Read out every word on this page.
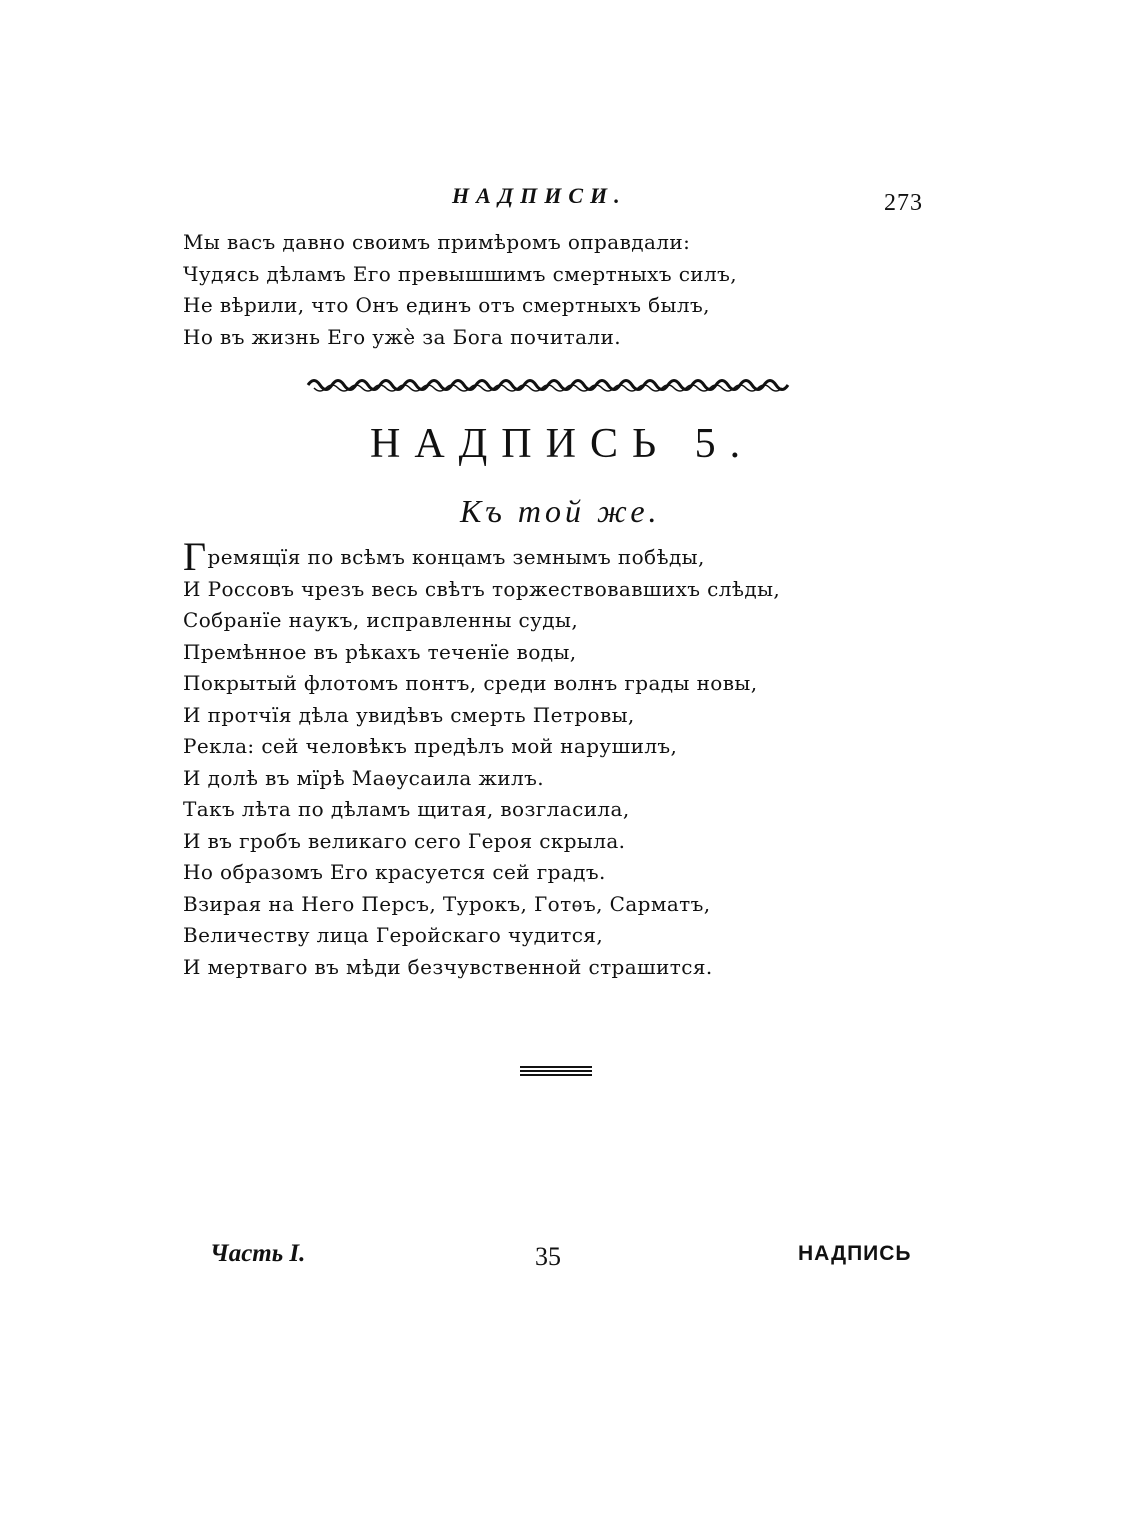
НАДПИСИ.	273
Мы васъ давно своимъ примѣромъ оправдали:
Чудясь дѣламъ Его превышшимъ смертныхъ силъ,
Не вѣрили, что Онъ единъ отъ смертныхъ былъ,
Но въ жизнь Его ужè за Бога почитали.
НАДПИСЬ 5.
Къ той же.
Гремящїя по всѣмъ концамъ земнымъ побѣды,
И Россовъ чрезъ весь свѣтъ торжествовавшихъ слѣды,
Собранїе наукъ, исправленны суды,
Премѣнное въ рѣкахъ теченїе воды,
Покрытый флотомъ понтъ, среди волнъ грады новы,
И протчїя дѣла увидѣвъ смерть Петровы,
Рекла: сей человѣкъ предѣлъ мой нарушилъ,
И долѣ въ мїрѣ Маѳусаила жилъ.
Такъ лѣта по дѣламъ щитая, возгласила,
И въ гробъ великаго сего Героя скрыла.
Но образомъ Его красуется сей градъ.
Взирая на Него Персъ, Турокъ, Готѳъ, Сарматъ,
Величеству лица Геройскаго чудится,
И мертваго въ мѣди безчувственной страшится.
Часть I.	35	НАДПИСЬ
